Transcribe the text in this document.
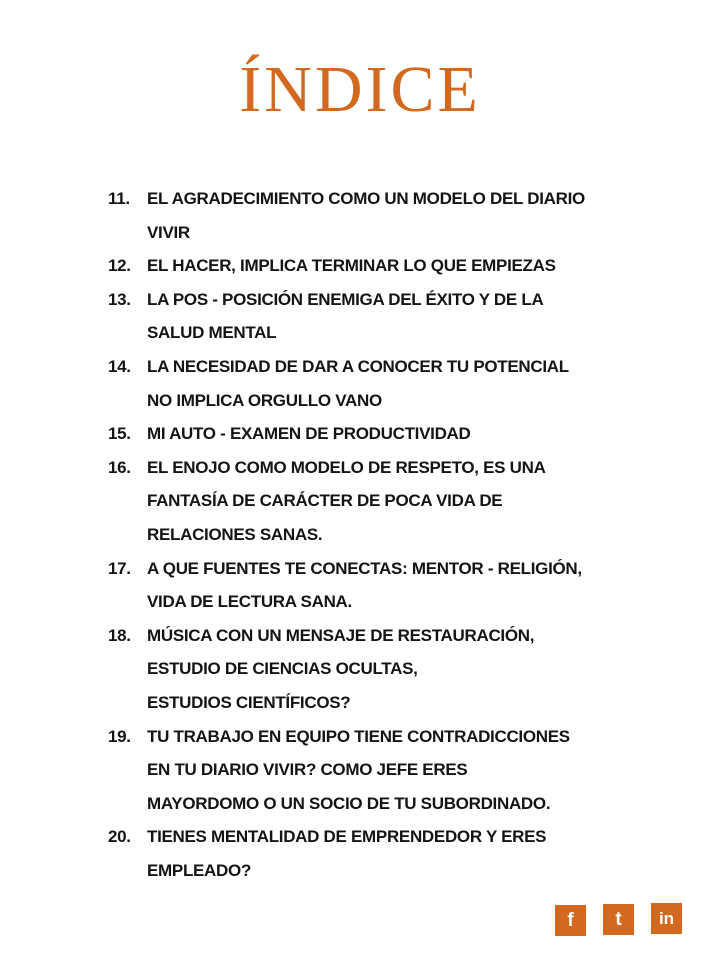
ÍNDICE
11.	EL AGRADECIMIENTO COMO UN MODELO DEL DIARIO
VIVIR
12. EL HACER, IMPLICA TERMINAR LO QUE EMPIEZAS
13. LA POS - POSICIÓN ENEMIGA DEL ÉXITO Y DE LA
SALUD MENTAL
14. LA NECESIDAD DE DAR A CONOCER TU POTENCIAL
NO IMPLICA ORGULLO VANO
15. MI AUTO - EXAMEN DE PRODUCTIVIDAD
16. EL ENOJO COMO MODELO DE RESPETO, ES UNA
FANTASÍA DE CARÁCTER DE POCA VIDA DE
RELACIONES SANAS.
17. A QUE FUENTES TE CONECTAS: MENTOR - RELIGIÓN,
VIDA DE LECTURA SANA.
18. MÚSICA CON UN MENSAJE DE RESTAURACIÓN,
ESTUDIO DE CIENCIAS OCULTAS,
ESTUDIOS CIENTÍFICOS?
19. TU TRABAJO EN EQUIPO TIENE CONTRADICCIONES
EN TU DIARIO VIVIR? COMO JEFE ERES
MAYORDOMO O UN SOCIO DE TU SUBORDINADO.
20. TIENES MENTALIDAD DE EMPRENDEDOR Y ERES
EMPLEADO?
f	t	in
